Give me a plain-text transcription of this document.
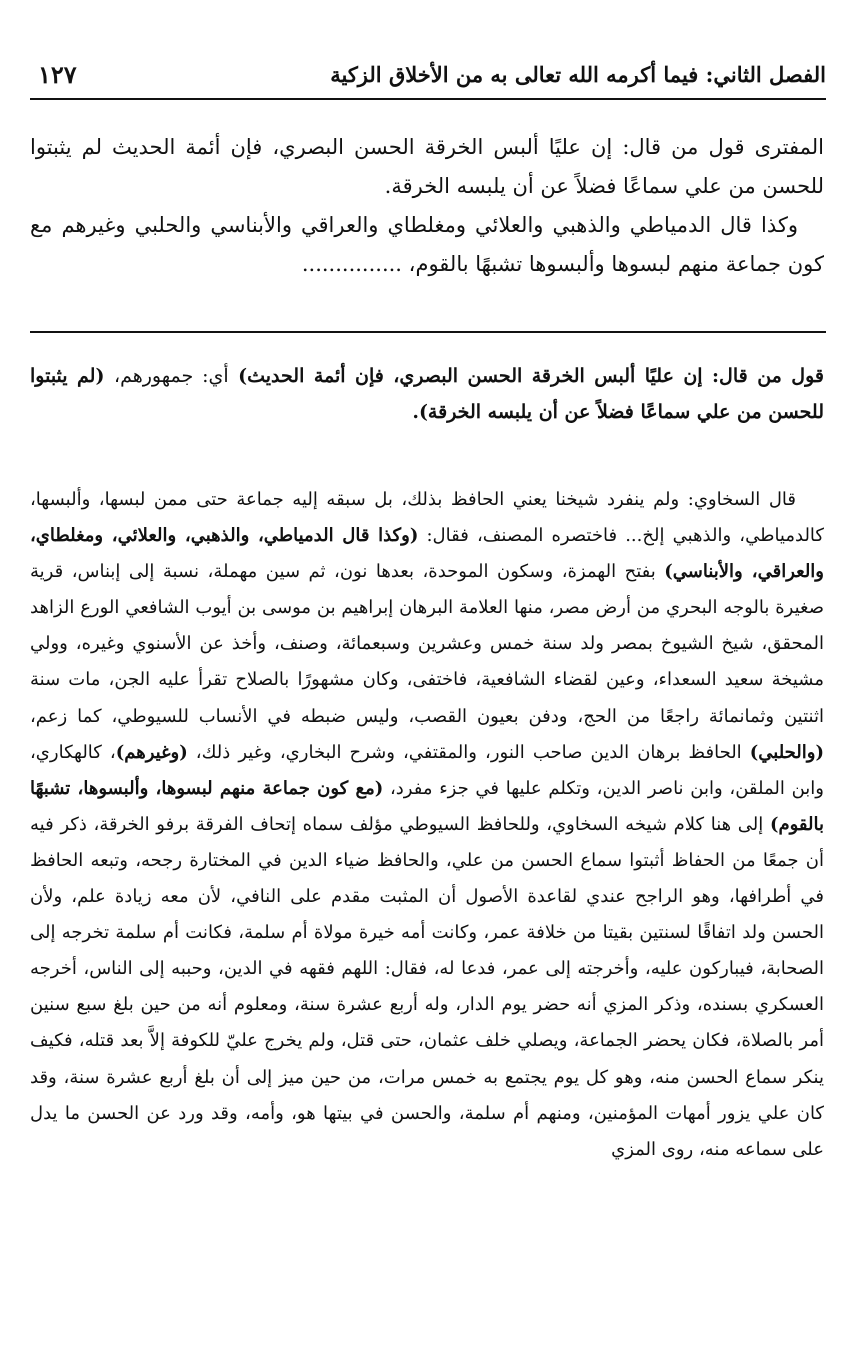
الفصل الثاني: فيما أكرمه الله تعالى به من الأخلاق الزكية
١٢٧

المفترى قول من قال: إن عليًا ألبس الخرقة الحسن البصري، فإن أئمة الحديث لم يثبتوا للحسن من علي سماعًا فضلاً عن أن يلبسه الخرقة.

وكذا قال الدمياطي والذهبي والعلائي ومغلطاي والعراقي والأبناسي والحلبي وغيرهم مع كون جماعة منهم لبسوها وألبسوها تشبهًا بالقوم، ...............

قول من قال: إن عليًا ألبس الخرقة الحسن البصري، فإن أئمة الحديث) أي: جمهورهم، (لم يثبتوا للحسن من علي سماعًا فضلاً عن أن يلبسه الخرقة).

قال السخاوي: ولم ينفرد شيخنا يعني الحافظ بذلك، بل سبقه إليه جماعة حتى ممن لبسها، وألبسها، كالدمياطي، والذهبي إلخ... فاختصره المصنف، فقال: (وكذا قال الدمياطي، والذهبي، والعلائي، ومغلطاي، والعراقي، والأبناسي) بفتح الهمزة، وسكون الموحدة، بعدها نون، ثم سين مهملة، نسبة إلى إبناس، قرية صغيرة بالوجه البحري من أرض مصر، منها العلامة البرهان إبراهيم بن موسى بن أيوب الشافعي الورع الزاهد المحقق، شيخ الشيوخ بمصر ولد سنة خمس وعشرين وسبعمائة، وصنف، وأخذ عن الأسنوي وغيره، وولي مشيخة سعيد السعداء، وعين لقضاء الشافعية، فاختفى، وكان مشهورًا بالصلاح تقرأ عليه الجن، مات سنة اثنتين وثمانمائة راجعًا من الحج، ودفن بعيون القصب، وليس ضبطه في الأنساب للسيوطي، كما زعم، (والحلبي) الحافظ برهان الدين صاحب النور، والمقتفي، وشرح البخاري، وغير ذلك، (وغيرهم)، كالهكاري، وابن الملقن، وابن ناصر الدين، وتكلم عليها في جزء مفرد، (مع كون جماعة منهم لبسوها، وألبسوها، تشبهًا بالقوم) إلى هنا كلام شيخه السخاوي، وللحافظ السيوطي مؤلف سماه إتحاف الفرقة برفو الخرقة، ذكر فيه أن جمعًا من الحفاظ أثبتوا سماع الحسن من علي، والحافظ ضياء الدين في المختارة رجحه، وتبعه الحافظ في أطرافها، وهو الراجح عندي لقاعدة الأصول أن المثبت مقدم على النافي، لأن معه زيادة علم، ولأن الحسن ولد اتفاقًا لسنتين بقيتا من خلافة عمر، وكانت أمه خيرة مولاة أم سلمة، فكانت أم سلمة تخرجه إلى الصحابة، فيباركون عليه، وأخرجته إلى عمر، فدعا له، فقال: اللهم فقهه في الدين، وحببه إلى الناس، أخرجه العسكري بسنده، وذكر المزي أنه حضر يوم الدار، وله أربع عشرة سنة، ومعلوم أنه من حين بلغ سبع سنين أمر بالصلاة، فكان يحضر الجماعة، ويصلي خلف عثمان، حتى قتل، ولم يخرج عليّ للكوفة إلاَّ بعد قتله، فكيف ينكر سماع الحسن منه، وهو كل يوم يجتمع به خمس مرات، من حين ميز إلى أن بلغ أربع عشرة سنة، وقد كان علي يزور أمهات المؤمنين، ومنهم أم سلمة، والحسن في بيتها هو، وأمه، وقد ورد عن الحسن ما يدل على سماعه منه، روى المزي
